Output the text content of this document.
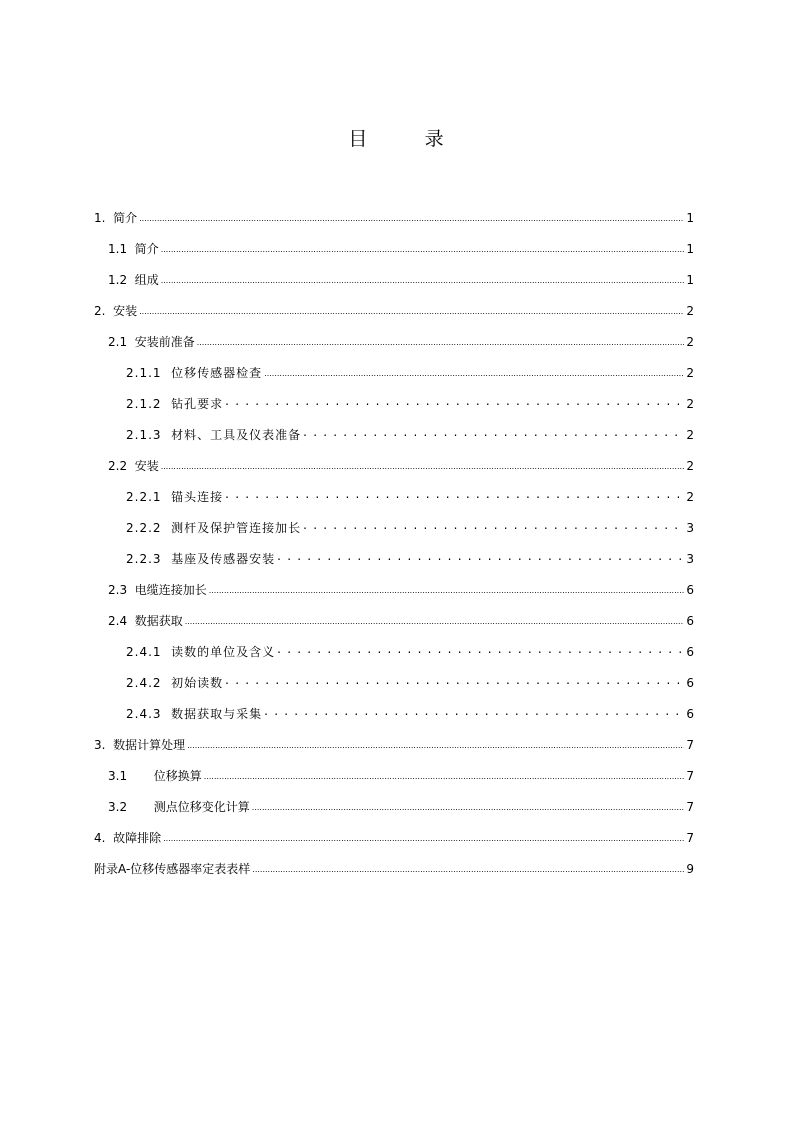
目        录
1.  简介 .....	1
1.1  简介 .....	1
1.2  组成 .....	1
2.  安装 .....	2
2.1  安装前准备 .....	2
2.1.1  位移传感器检查 .....	2
2.1.2  钻孔要求 . . .	2
2.1.3  材料、工具及仪表准备 . . .	2
2.2  安装 .....	2
2.2.1  锚头连接 . . .	2
2.2.2  测杆及保护管连接加长 . . .	3
2.2.3  基座及传感器安装 . . .	3
2.3  电缆连接加长 .....	6
2.4  数据获取 .....	6
2.4.1  读数的单位及含义 . . .	6
2.4.2  初始读数 . . .	6
2.4.3  数据获取与采集 . . .	6
3.  数据计算处理 .....	7
3.1       位移换算 .....	7
3.2       测点位移变化计算 .....	7
4.  故障排除 .....	7
附录A-位移传感器率定表表样 .....	9
